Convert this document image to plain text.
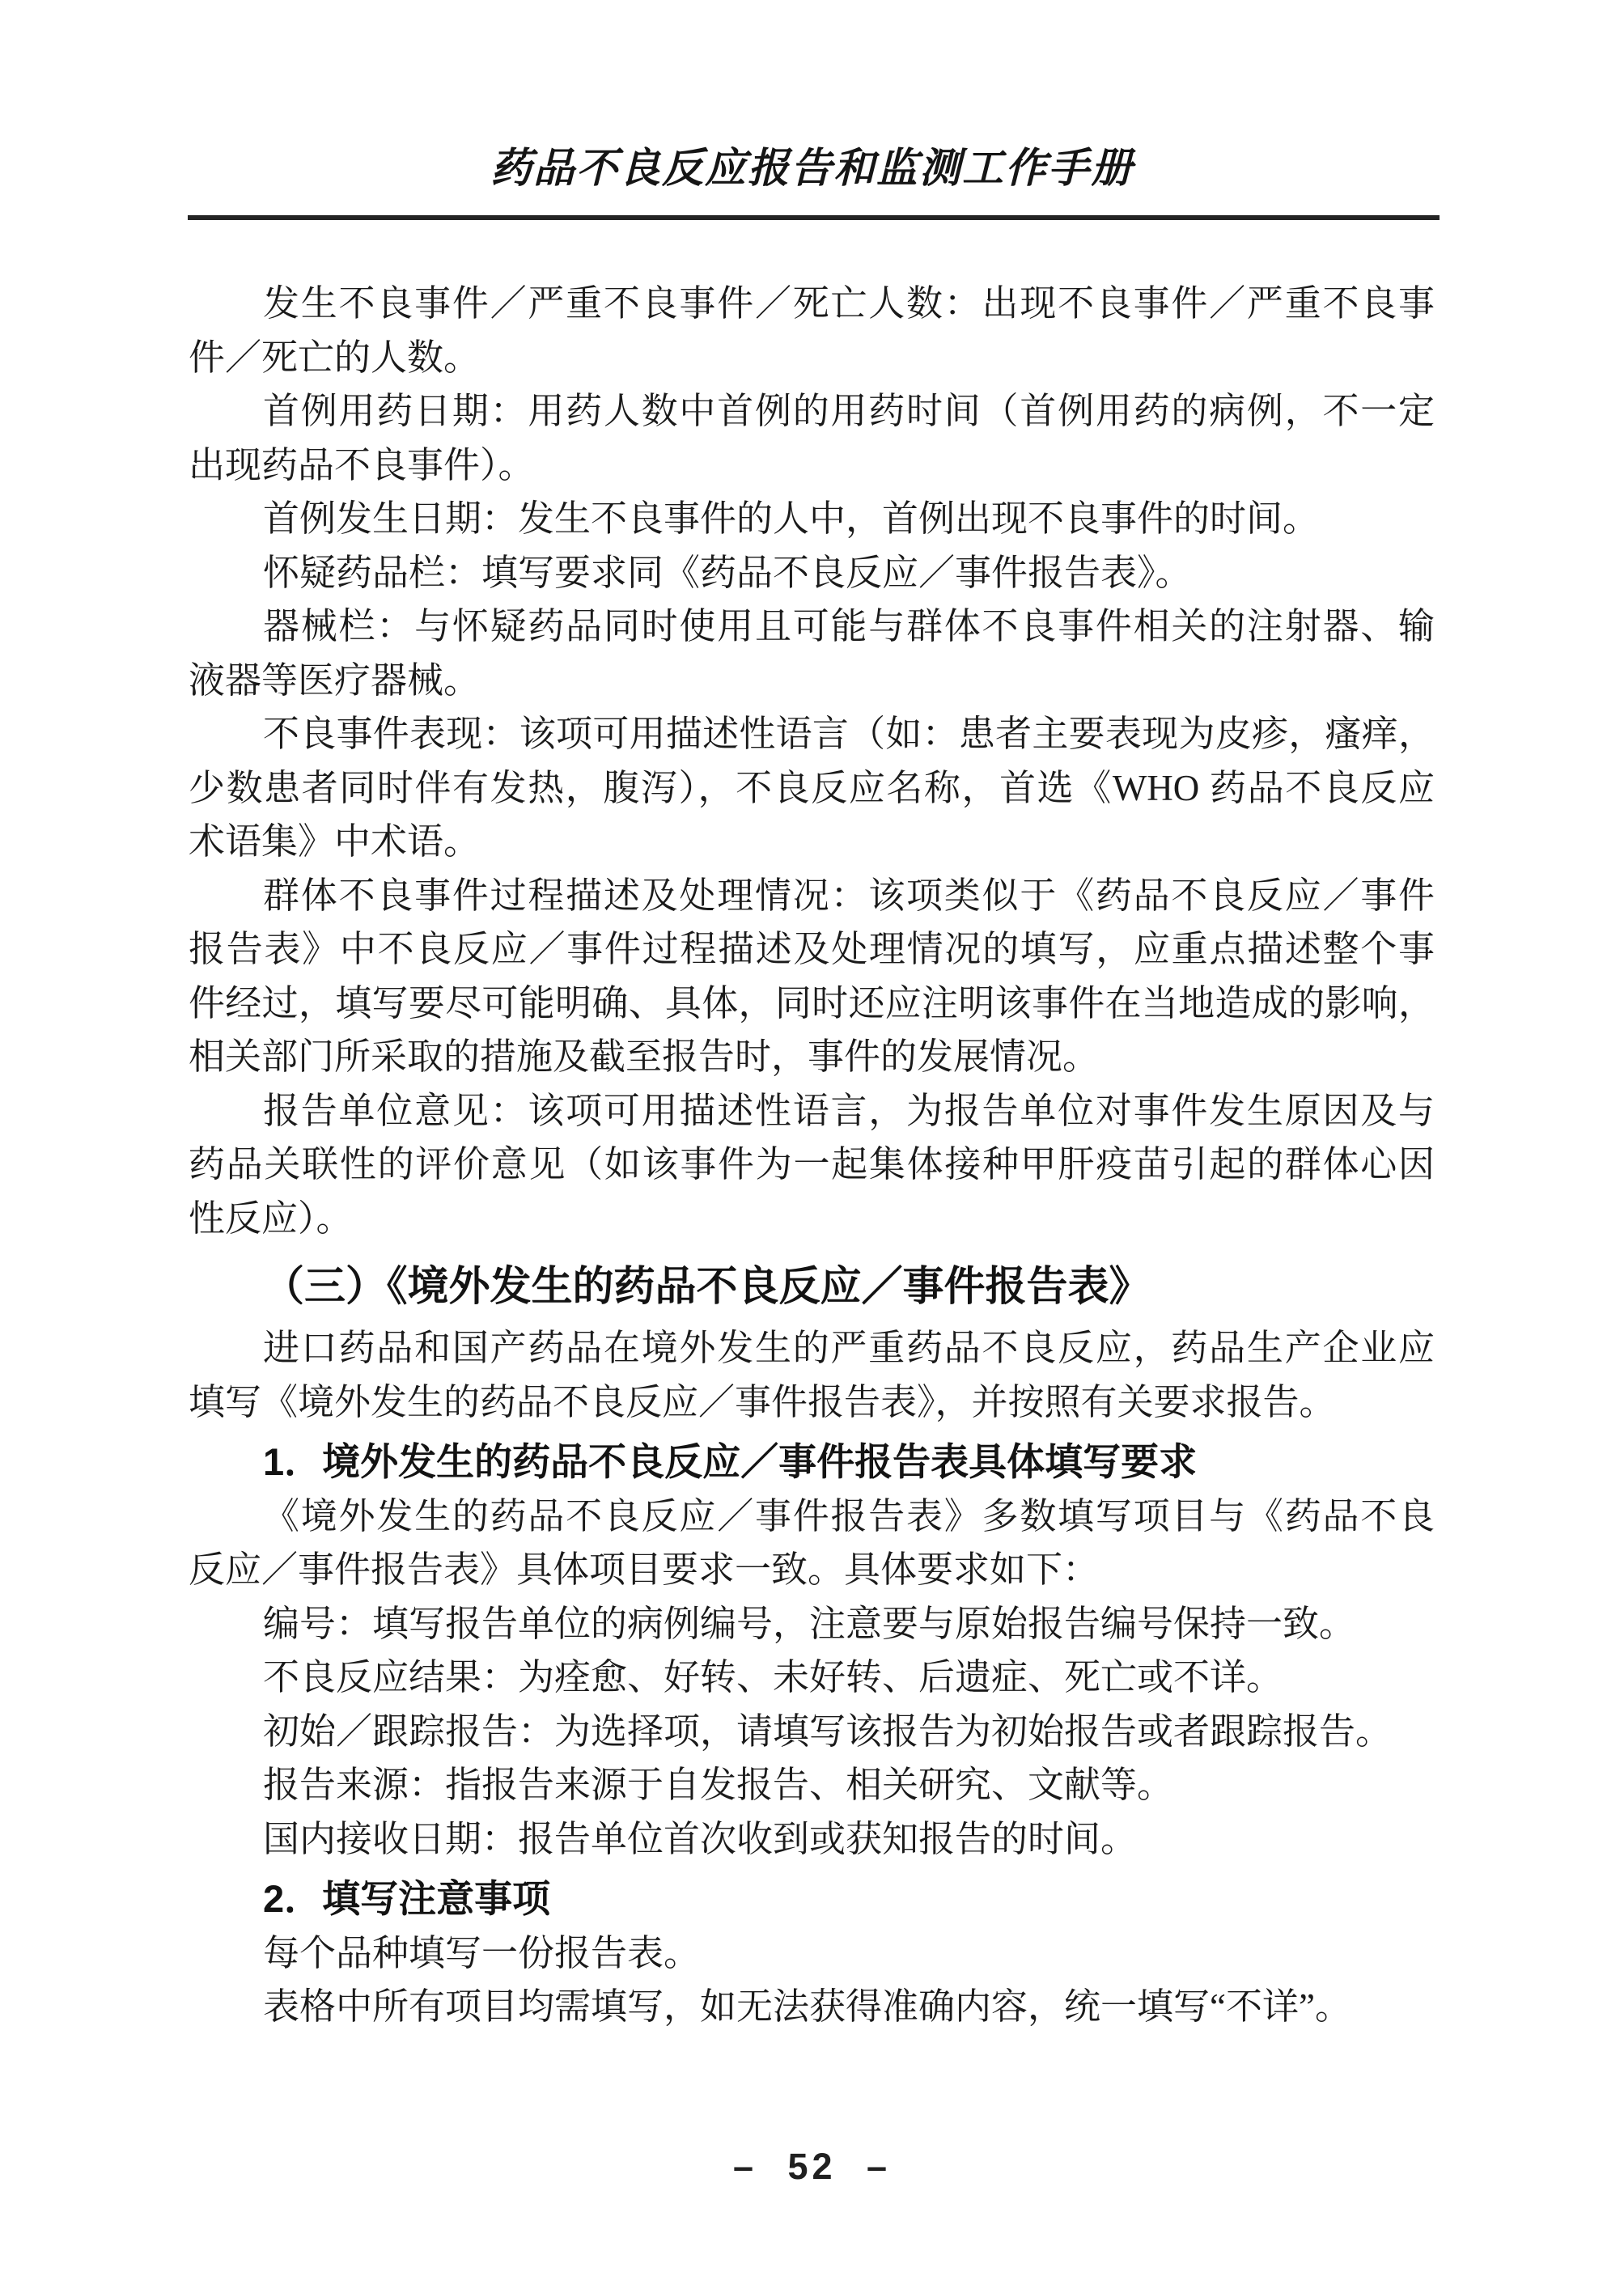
药品不良反应报告和监测工作手册
发生不良事件／严重不良事件／死亡人数：出现不良事件／严重不良事
件／死亡的人数。
首例用药日期：用药人数中首例的用药时间（首例用药的病例，不一定
出现药品不良事件）。
首例发生日期：发生不良事件的人中，首例出现不良事件的时间。
怀疑药品栏：填写要求同《药品不良反应／事件报告表》。
器械栏：与怀疑药品同时使用且可能与群体不良事件相关的注射器、输
液器等医疗器械。
不良事件表现：该项可用描述性语言（如：患者主要表现为皮疹，瘙痒，
少数患者同时伴有发热，腹泻），不良反应名称，首选《WHO 药品不良反应
术语集》中术语。
群体不良事件过程描述及处理情况：该项类似于《药品不良反应／事件
报告表》中不良反应／事件过程描述及处理情况的填写，应重点描述整个事
件经过，填写要尽可能明确、具体，同时还应注明该事件在当地造成的影响，
相关部门所采取的措施及截至报告时，事件的发展情况。
报告单位意见：该项可用描述性语言，为报告单位对事件发生原因及与
药品关联性的评价意见（如该事件为一起集体接种甲肝疫苗引起的群体心因
性反应）。
（三）《境外发生的药品不良反应／事件报告表》
进口药品和国产药品在境外发生的严重药品不良反应，药品生产企业应
填写《境外发生的药品不良反应／事件报告表》，并按照有关要求报告。
1．境外发生的药品不良反应／事件报告表具体填写要求
《境外发生的药品不良反应／事件报告表》多数填写项目与《药品不良
反应／事件报告表》具体项目要求一致。具体要求如下：
编号：填写报告单位的病例编号，注意要与原始报告编号保持一致。
不良反应结果：为痊愈、好转、未好转、后遗症、死亡或不详。
初始／跟踪报告：为选择项，请填写该报告为初始报告或者跟踪报告。
报告来源：指报告来源于自发报告、相关研究、文献等。
国内接收日期：报告单位首次收到或获知报告的时间。
2．填写注意事项
每个品种填写一份报告表。
表格中所有项目均需填写，如无法获得准确内容，统一填写“不详”。
– 52 –
